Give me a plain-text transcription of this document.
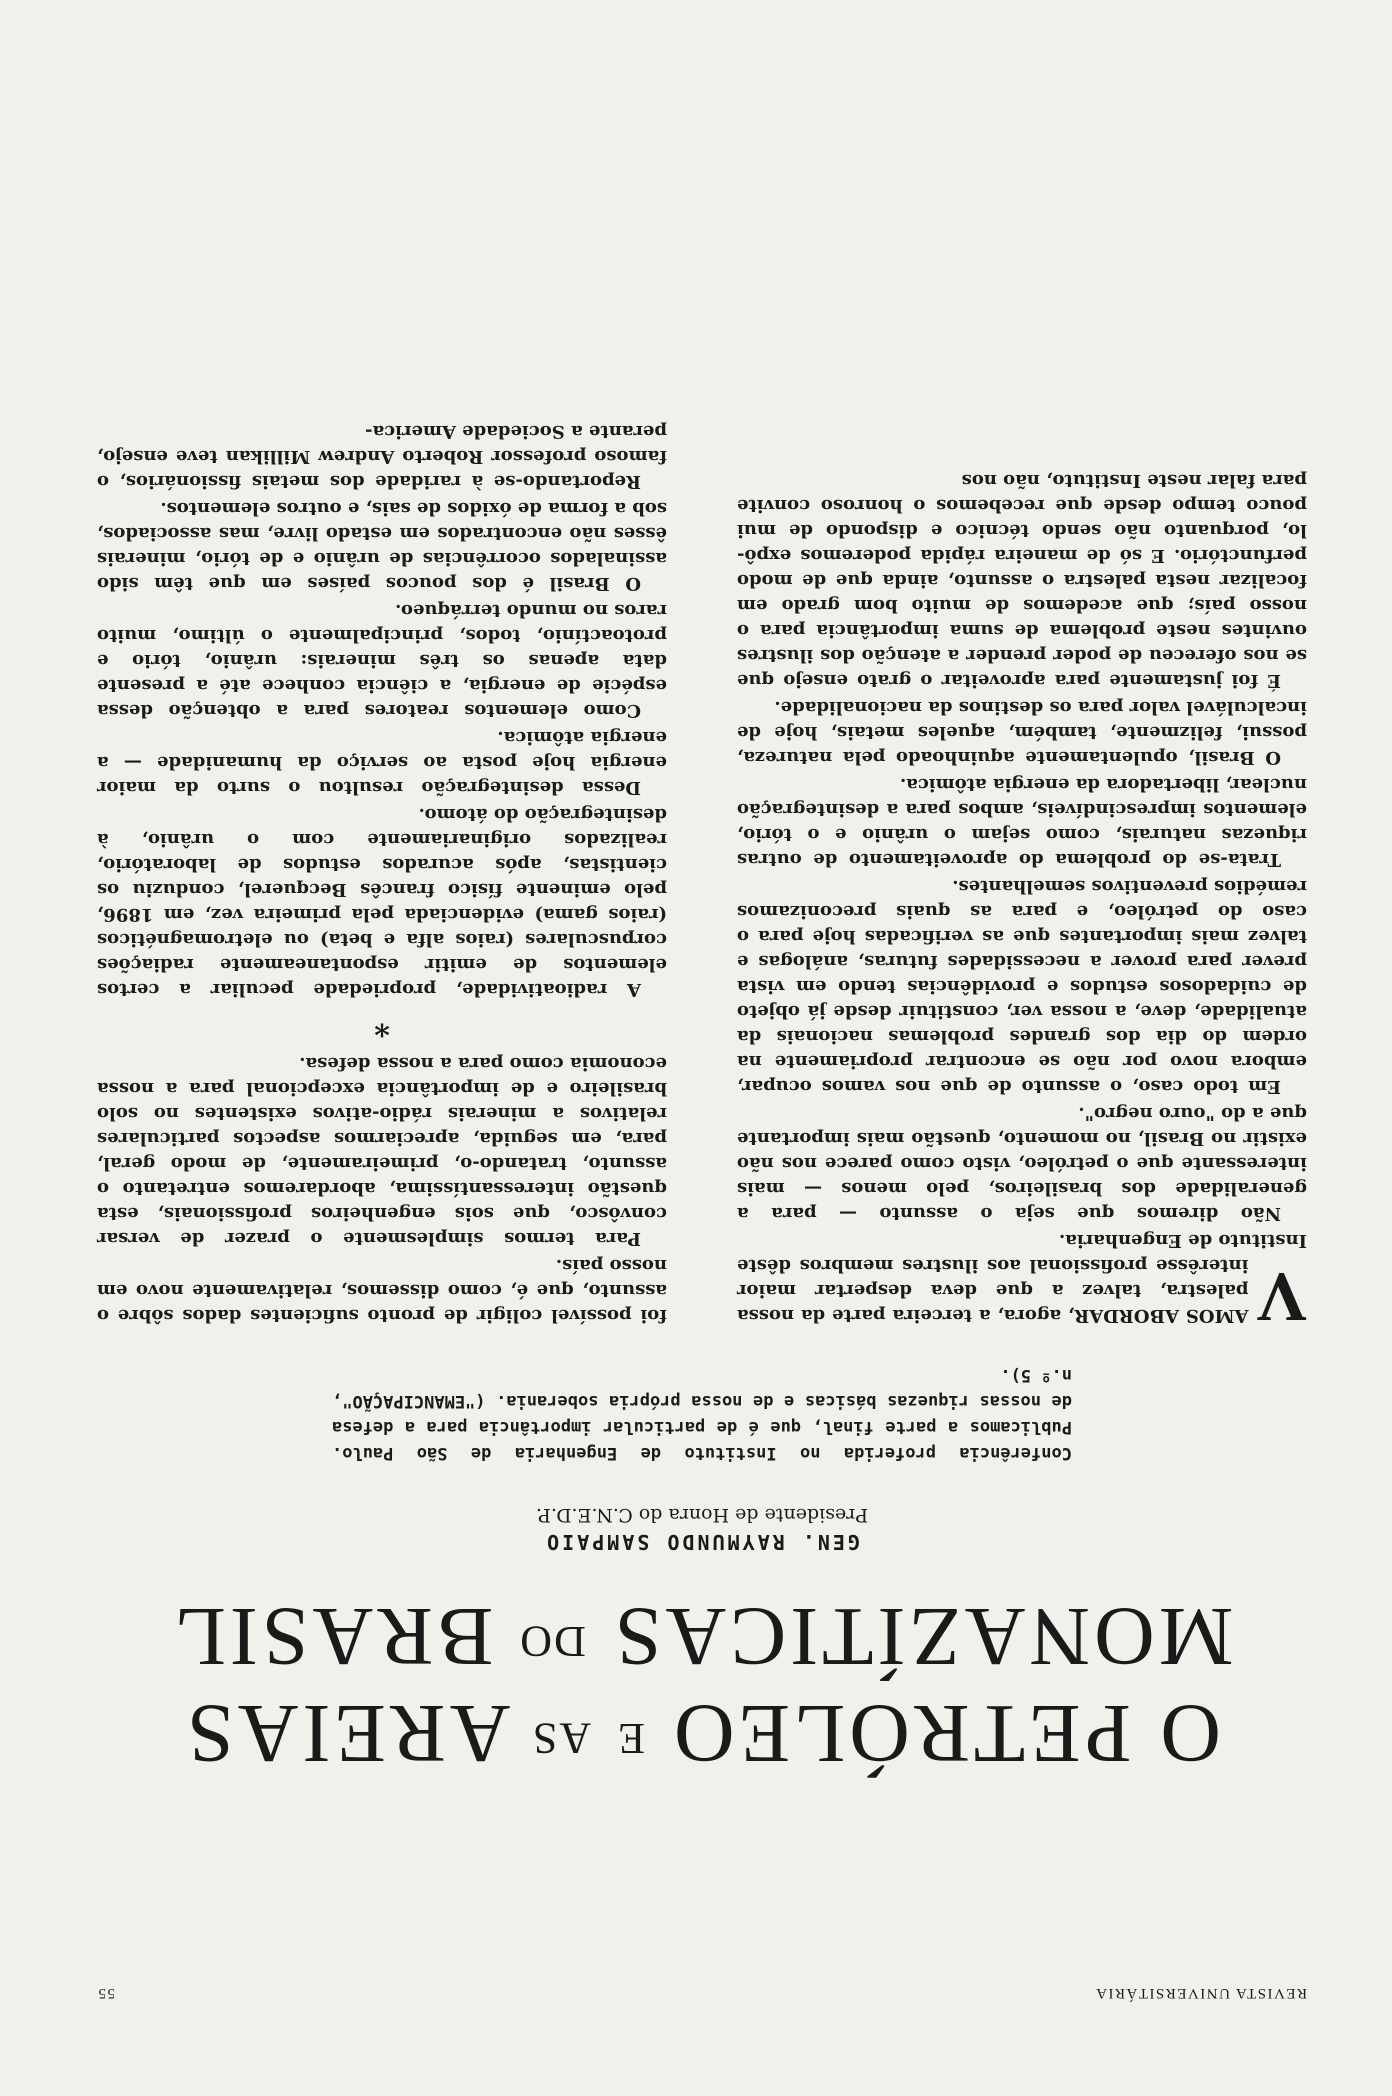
REVISTA UNIVERSITÁRIA
55
O PETRÓLEO $^E$ $^{AS}$ AREIAS
MONAZÍTICAS $^{DO}$ BRASIL
GEN. RAYMUNDO SAMPAIO
Presidente de Honra do C.N.E.D.P.
Conferência proferida no Instituto de Engenharia de São Paulo. Publicamos a parte final, que é de particular importância para a defesa de nossas riquezas básicas e de nossa própria soberania. ("EMANCIPAÇÃO", n.º 5).

V
AMOS ABORDAR, agora, a terceira parte da nossa palestra, talvez a que deva despertar maior interêsse profissional aos ilustres membros dêste Instituto de Engenharia.

Não diremos que seja o assunto — para a generalidade dos brasileiros, pelo menos — mais interessante que o petróleo, visto como parece nos não existir no Brasil, no momento, questão mais importante que a do "ouro negro".

Em todo caso, o assunto de que nos vamos ocupar, embora novo por não se encontrar propriamente na ordem do dia dos grandes problemas nacionais da atualidade, deve, a nossa ver, constituir desde já objeto de cuidadosos estudos e providências tendo em vista prever para prover a necessidades futuras, análogas e talvez mais importantes que as verificadas hoje para o caso do petróleo, e para as quais preconizamos remédios preventivos semelhantes.

Trata-se do problema do aproveitamento de outras riquezas naturais, como sejam o urânio e o tório, elementos imprescindíveis, ambos para a desintegração nuclear, libertadora da energia atômica.

O Brasil, opulentamente aquinhoado pela natureza, possui, felizmente, também, aqueles metais, hoje de incalculável valor para os destinos da nacionalidade.

É foi justamente para aproveitar o grato ensejo que se nos ofereceu de poder prender a atenção dos ilustres ouvintes neste problema de suma importância para o nosso país; que acedemos de muito bom grado em focalizar nesta palestra o assunto, ainda que de modo perfunctório. E só de maneira rápida poderemos expô-lo, porquanto não sendo técnico e dispondo de mui pouco tempo desde que recebemos o honroso convite para falar neste Instituto, não nos

foi possível coligir de pronto suficientes dados sôbre o assunto, que é, como dissemos, relativamente novo em nosso país.

Para termos simplesmente o prazer de versar convôsco, que sois engenheiros profissionais, esta questão interessantíssima, abordaremos entretanto o assunto, tratando-o, primeiramente, de modo geral, para, em seguida, apreciarmos aspectos particulares relativos a minerais rádio-ativos existentes no solo brasileiro e de importância excepcional para a nossa economia como para a nossa defesa.

*

A radioatividade, propriedade peculiar a certos elementos de emitir espontaneamente radiações corpusculares (raios alfa e beta) ou eletromagnéticos (raios gama) evidenciada pela primeira vez, em 1896, pelo eminente físico francês Becquerel, conduziu os cientistas, após acurados estudos de laboratório, realizados originariamente com o urânio, à desintegração do átomo.

Dessa desintegração resultou o surto da maior energia hoje posta ao serviço da humanidade — a energia atômica.

Como elementos reatores para a obtenção dessa espécie de energia, a ciência conhece até a presente data apenas os três minerais: urânio, tório e protoactínio, todos, principalmente o último, muito raros no mundo terráqueo.

O Brasil é dos poucos países em que têm sido assinalados ocorrências de urânio e de tório, minerais êsses não encontrados em estado livre, mas associados, sob a forma de óxidos de sais, e outros elementos.

Reportando-se à raridade dos metais fissionários, o famoso professor Roberto Andrew Millikan teve ensejo, perante a Sociedade America-
